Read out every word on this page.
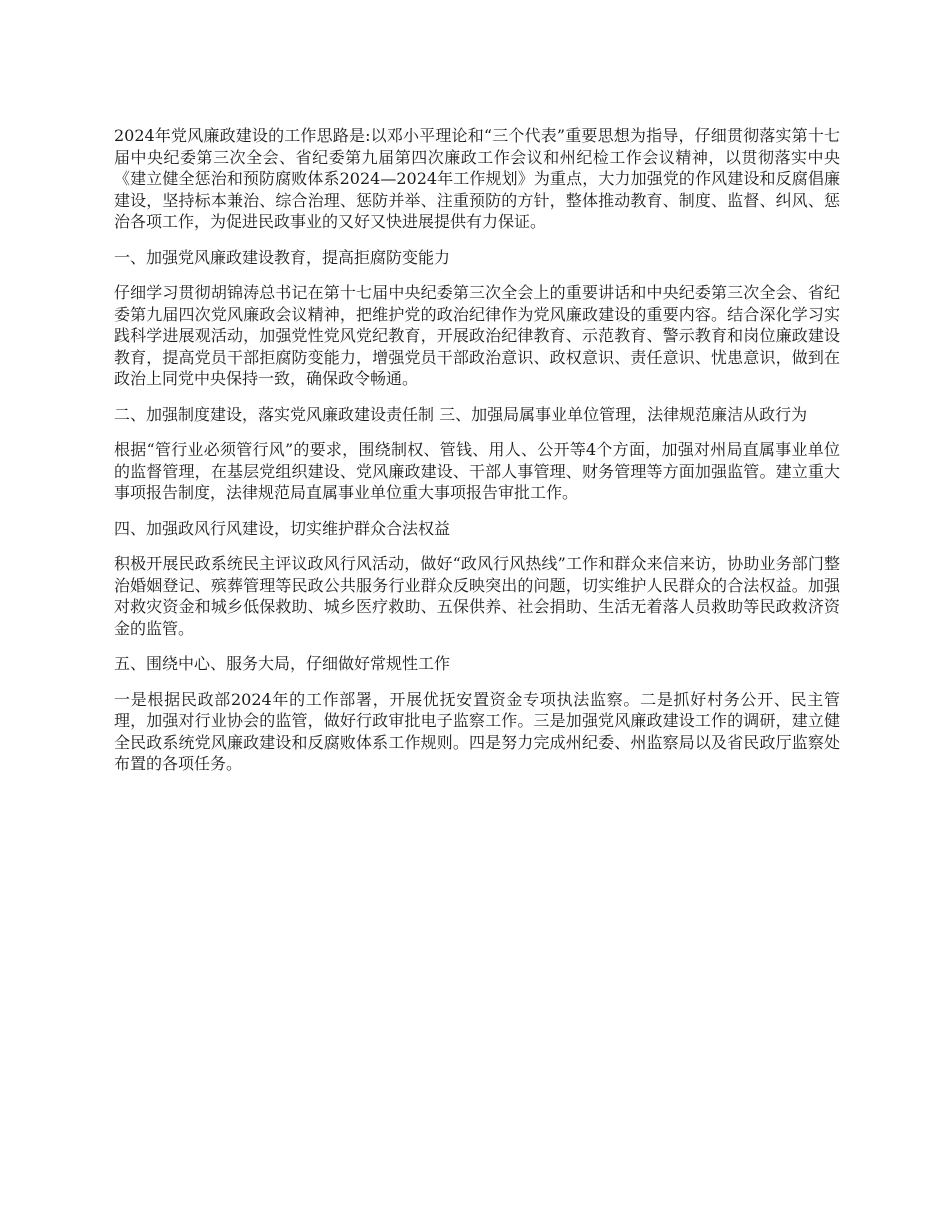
2024年党风廉政建设的工作思路是:以邓小平理论和“三个代表”重要思想为指导，仔细贯彻落实第十七届中央纪委第三次全会、省纪委第九届第四次廉政工作会议和州纪检工作会议精神，以贯彻落实中央《建立健全惩治和预防腐败体系2024—2024年工作规划》为重点，大力加强党的作风建设和反腐倡廉建设，坚持标本兼治、综合治理、惩防并举、注重预防的方针，整体推动教育、制度、监督、纠风、惩治各项工作，为促进民政事业的又好又快进展提供有力保证。

一、加强党风廉政建设教育，提高拒腐防变能力

仔细学习贯彻胡锦涛总书记在第十七届中央纪委第三次全会上的重要讲话和中央纪委第三次全会、省纪委第九届四次党风廉政会议精神，把维护党的政治纪律作为党风廉政建设的重要内容。结合深化学习实践科学进展观活动，加强党性党风党纪教育，开展政治纪律教育、示范教育、警示教育和岗位廉政建设教育，提高党员干部拒腐防变能力，增强党员干部政治意识、政权意识、责任意识、忧患意识，做到在政治上同党中央保持一致，确保政令畅通。

二、加强制度建设，落实党风廉政建设责任制 三、加强局属事业单位管理，法律规范廉洁从政行为

根据“管行业必须管行风”的要求，围绕制权、管钱、用人、公开等4个方面，加强对州局直属事业单位的监督管理，在基层党组织建设、党风廉政建设、干部人事管理、财务管理等方面加强监管。建立重大事项报告制度，法律规范局直属事业单位重大事项报告审批工作。

四、加强政风行风建设，切实维护群众合法权益

积极开展民政系统民主评议政风行风活动，做好“政风行风热线”工作和群众来信来访，协助业务部门整治婚姻登记、殡葬管理等民政公共服务行业群众反映突出的问题，切实维护人民群众的合法权益。加强对救灾资金和城乡低保救助、城乡医疗救助、五保供养、社会捐助、生活无着落人员救助等民政救济资金的监管。

五、围绕中心、服务大局，仔细做好常规性工作

一是根据民政部2024年的工作部署，开展优抚安置资金专项执法监察。二是抓好村务公开、民主管理，加强对行业协会的监管，做好行政审批电子监察工作。三是加强党风廉政建设工作的调研，建立健全民政系统党风廉政建设和反腐败体系工作规则。四是努力完成州纪委、州监察局以及省民政厅监察处布置的各项任务。
